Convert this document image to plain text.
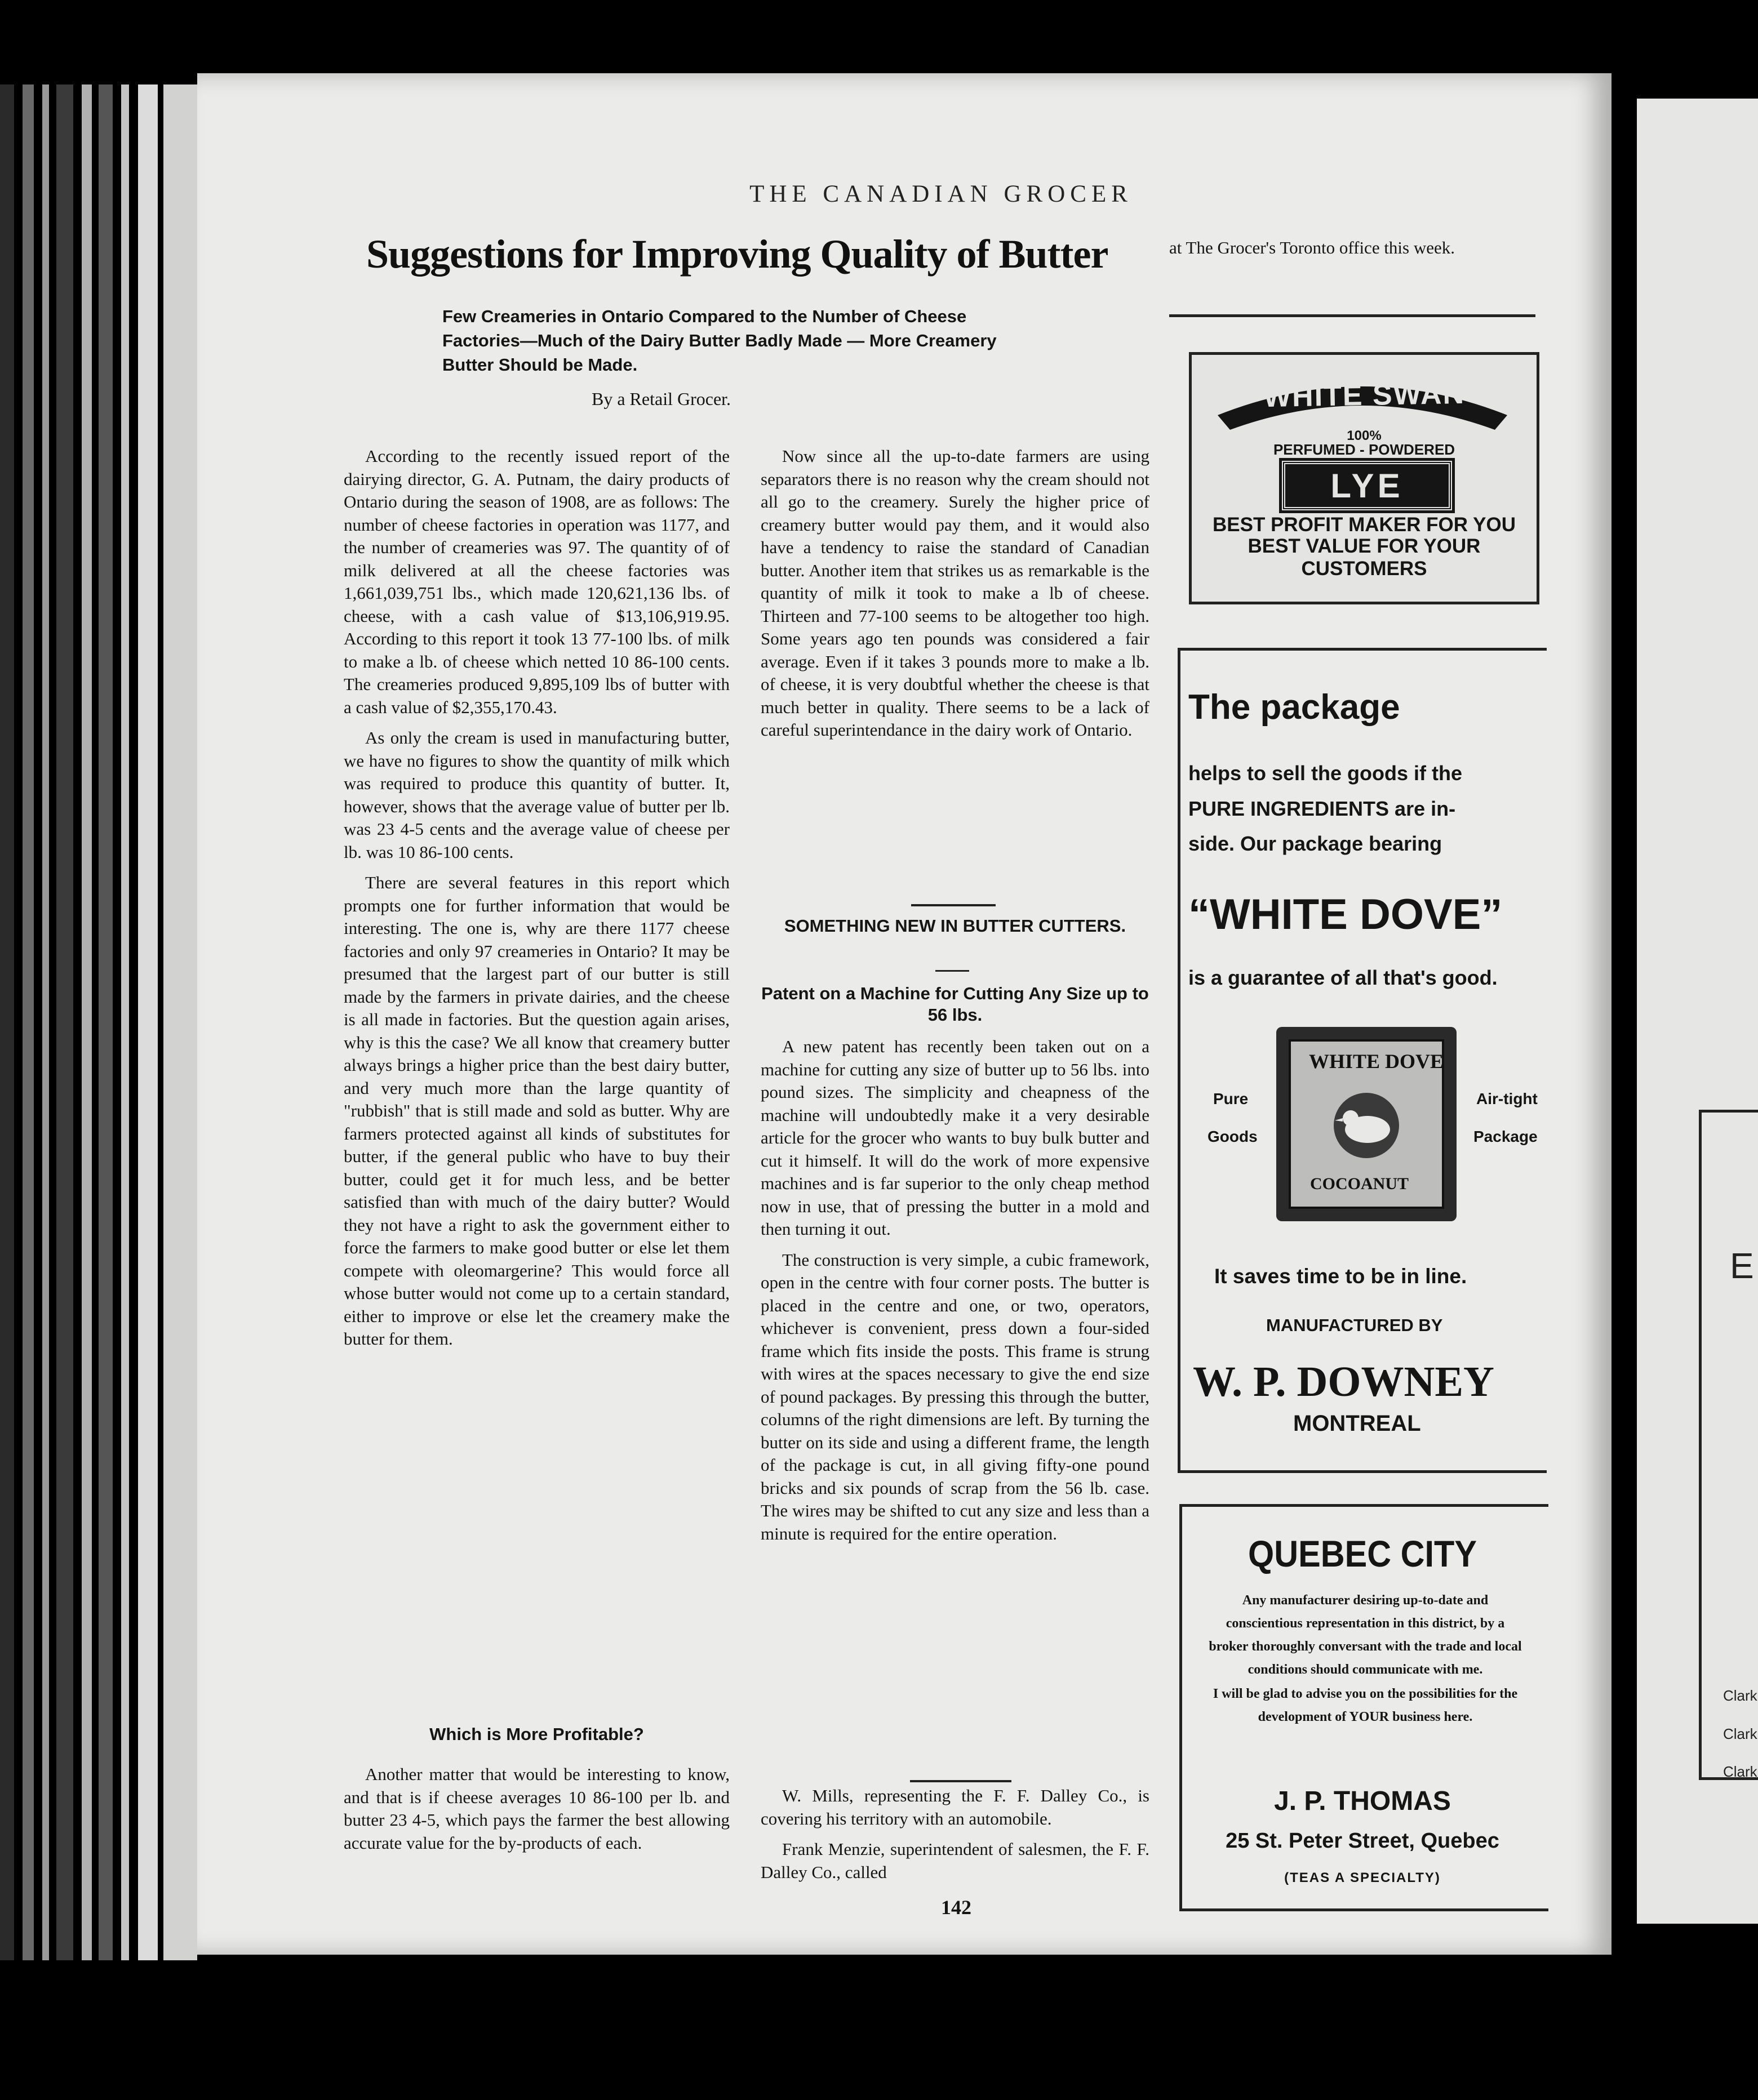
E
Clark
Clark
Clark
THE CANADIAN GROCER
Suggestions for Improving Quality of Butter
Few Creameries in Ontario Compared to the Number of Cheese Factories—Much of the Dairy Butter Badly Made — More Creamery Butter Should be Made.
By a Retail Grocer.

According to the recently issued report of the dairying director, G. A. Putnam, the dairy products of Ontario during the season of 1908, are as follows: The number of cheese factories in operation was 1177, and the number of creameries was 97. The quantity of of milk delivered at all the cheese factories was 1,661,039,751 lbs., which made 120,621,136 lbs. of cheese, with a cash value of $13,106,919.95. According to this report it took 13 77-100 lbs. of milk to make a lb. of cheese which netted 10 86-100 cents. The creameries produced 9,895,109 lbs of butter with a cash value of $2,355,170.43.

As only the cream is used in manufacturing butter, we have no figures to show the quantity of milk which was required to produce this quantity of butter. It, however, shows that the average value of butter per lb. was 23 4-5 cents and the average value of cheese per lb. was 10 86-100 cents.

There are several features in this report which prompts one for further information that would be interesting. The one is, why are there 1177 cheese factories and only 97 creameries in Ontario? It may be presumed that the largest part of our butter is still made by the farmers in private dairies, and the cheese is all made in factories. But the question again arises, why is this the case? We all know that creamery butter always brings a higher price than the best dairy butter, and very much more than the large quantity of "rubbish" that is still made and sold as butter. Why are farmers protected against all kinds of substitutes for butter, if the general public who have to buy their butter, could get it for much less, and be better satisfied than with much of the dairy butter? Would they not have a right to ask the government either to force the farmers to make good butter or else let them compete with oleomargerine? This would force all whose butter would not come up to a certain standard, either to improve or else let the creamery make the butter for them.

Which is More Profitable?

Another matter that would be interesting to know, and that is if cheese averages 10 86-100 per lb. and butter 23 4-5, which pays the farmer the best allowing accurate value for the by-products of each.

Now since all the up-to-date farmers are using separators there is no reason why the cream should not all go to the creamery. Surely the higher price of creamery butter would pay them, and it would also have a tendency to raise the standard of Canadian butter. Another item that strikes us as remarkable is the quantity of milk it took to make a lb of cheese. Thirteen and 77-100 seems to be altogether too high. Some years ago ten pounds was considered a fair average. Even if it takes 3 pounds more to make a lb. of cheese, it is very doubtful whether the cheese is that much better in quality. There seems to be a lack of careful superintendance in the dairy work of Ontario.

SOMETHING NEW IN BUTTER CUTTERS.
Patent on a Machine for Cutting Any Size up to 56 lbs.

A new patent has recently been taken out on a machine for cutting any size of butter up to 56 lbs. into pound sizes. The simplicity and cheapness of the machine will undoubtedly make it a very desirable article for the grocer who wants to buy bulk butter and cut it himself. It will do the work of more expensive machines and is far superior to the only cheap method now in use, that of pressing the butter in a mold and then turning it out.

The construction is very simple, a cubic framework, open in the centre with four corner posts. The butter is placed in the centre and one, or two, operators, whichever is convenient, press down a four-sided frame which fits inside the posts. This frame is strung with wires at the spaces necessary to give the end size of pound packages. By pressing this through the butter, columns of the right dimensions are left. By turning the butter on its side and using a different frame, the length of the package is cut, in all giving fifty-one pound bricks and six pounds of scrap from the 56 lb. case. The wires may be shifted to cut any size and less than a minute is required for the entire operation.

W. Mills, representing the F. F. Dalley Co., is covering his territory with an automobile.

Frank Menzie, superintendent of salesmen, the F. F. Dalley Co., called

at The Grocer's Toronto office this week.

WHITE SWAN
100%
PERFUMED - POWDERED
LYE
BEST PROFIT MAKER FOR YOU
BEST VALUE FOR YOUR
CUSTOMERS
The package
helps to sell the goods if the
PURE INGREDIENTS are in-
side. Our package bearing
“WHITE DOVE”
is a guarantee of all that's good.
Pure
Goods
WHITE DOVE
COCOANUT
Air-tight
Package
It saves time to be in line.
MANUFACTURED BY
W. P. DOWNEY
MONTREAL
QUEBEC CITY
Any manufacturer desiring up-to-date and conscientious representation in this district, by a broker thoroughly conversant with the trade and local conditions should communicate with me.
I will be glad to advise you on the possibilities for the development of YOUR business here.
J. P. THOMAS
25 St. Peter Street, Quebec
(TEAS A SPECIALTY)
142
